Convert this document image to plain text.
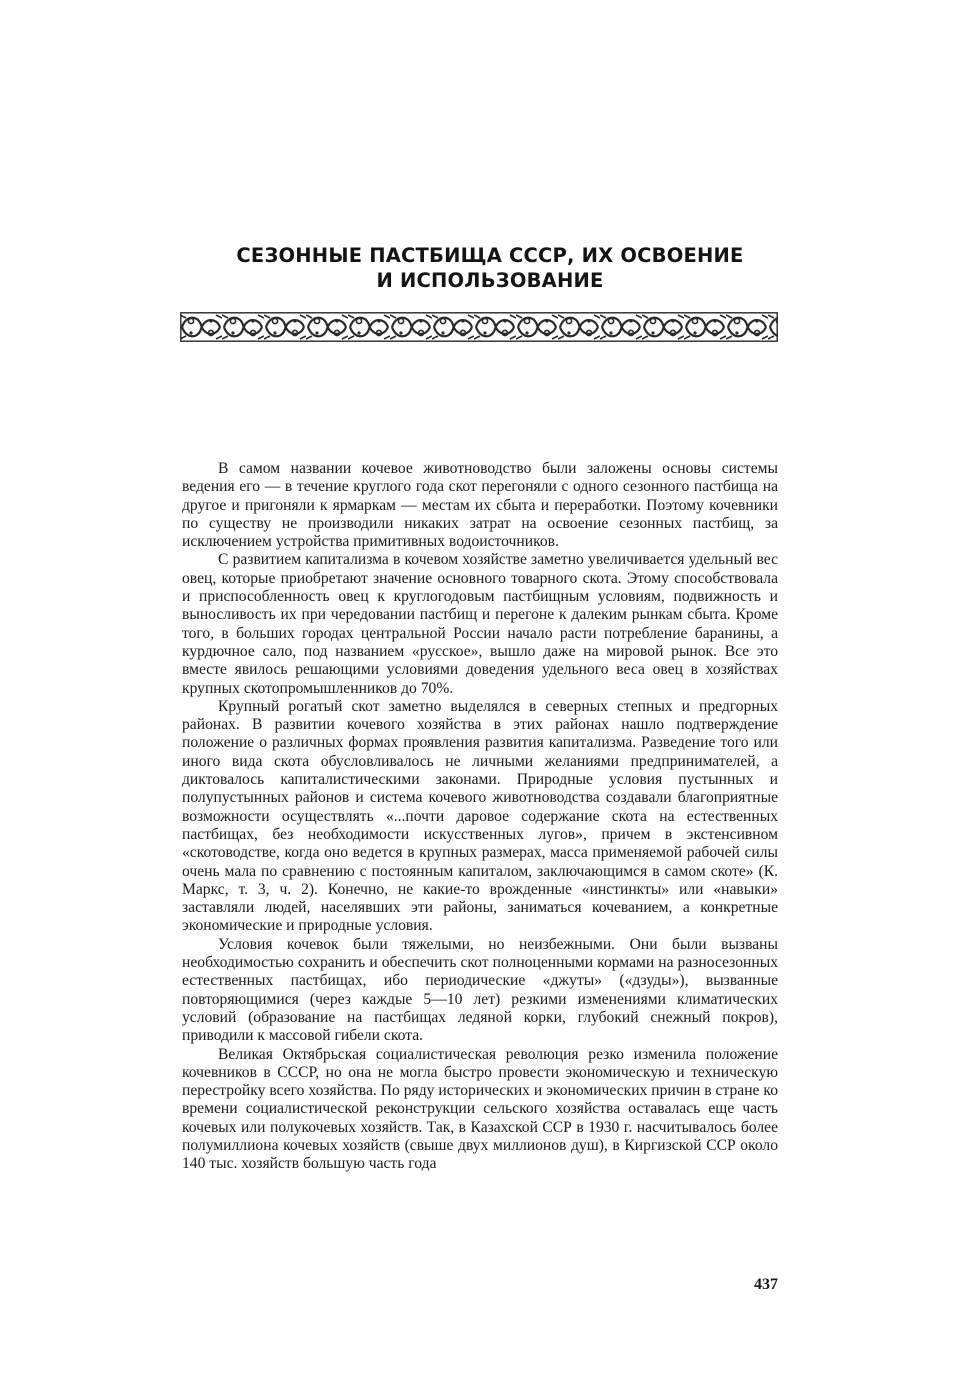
СЕЗОННЫЕ ПАСТБИЩА СССР, ИХ ОСВОЕНИЕ
И ИСПОЛЬЗОВАНИЕ

В самом названии кочевое животноводство были заложены основы системы ведения его — в течение круглого года скот перегоняли с одного сезонного пастбища на другое и пригоняли к ярмаркам — местам их сбыта и переработки. Поэтому кочевники по существу не производили никаких затрат на освоение сезонных пастбищ, за исключением устройства примитивных водоисточников.

С развитием капитализма в кочевом хозяйстве заметно увеличивается удельный вес овец, которые приобретают значение основного товарного скота. Этому способствовала и приспособленность овец к круглогодовым пастбищным условиям, подвижность и выносливость их при чередовании пастбищ и перегоне к далеким рынкам сбыта. Кроме того, в больших городах центральной России начало расти потребление баранины, а курдючное сало, под названием «русское», вышло даже на мировой рынок. Все это вместе явилось решающими условиями доведения удельного веса овец в хозяйствах крупных скотопромышленников до 70%.

Крупный рогатый скот заметно выделялся в северных степных и предгорных районах. В развитии кочевого хозяйства в этих районах нашло подтверждение положение о различных формах проявления развития капитализма. Разведение того или иного вида скота обусловливалось не личными желаниями предпринимателей, а диктовалось капиталистическими законами. Природные условия пустынных и полупустынных районов и система кочевого животноводства создавали благоприятные возможности осуществлять «...почти даровое содержание скота на естественных пастбищах, без необходимости искусственных лугов», причем в экстенсивном «скотоводстве, когда оно ведется в крупных размерах, масса применяемой рабочей силы очень мала по сравнению с постоянным капиталом, заключающимся в самом скоте» (К. Маркс, т. 3, ч. 2). Конечно, не какие-то врожденные «инстинкты» или «навыки» заставляли людей, населявших эти районы, заниматься кочеванием, а конкретные экономические и природные условия.

Условия кочевок были тяжелыми, но неизбежными. Они были вызваны необходимостью сохранить и обеспечить скот полноценными кормами на разносезонных естественных пастбищах, ибо периодические «джуты» («дзуды»), вызванные повторяющимися (через каждые 5—10 лет) резкими изменениями климатических условий (образование на пастбищах ледяной корки, глубокий снежный покров), приводили к массовой гибели скота.

Великая Октябрьская социалистическая революция резко изменила положение кочевников в СССР, но она не могла быстро провести экономическую и техническую перестройку всего хозяйства. По ряду исторических и экономических причин в стране ко времени социалистической реконструкции сельского хозяйства оставалась еще часть кочевых или полукочевых хозяйств. Так, в Казахской ССР в 1930 г. насчитывалось более полумиллиона кочевых хозяйств (свыше двух миллионов душ), в Киргизской ССР около 140 тыс. хозяйств большую часть года

437
